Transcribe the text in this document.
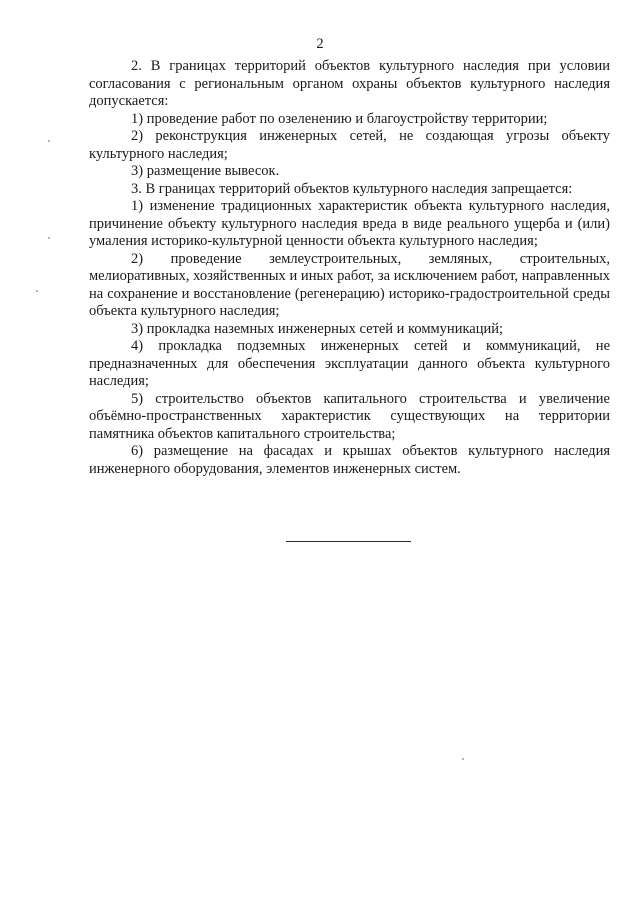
2

2. В границах территорий объектов культурного наследия при условии согласования с региональным органом охраны объектов культурного наследия допускается:

1) проведение работ по озеленению и благоустройству территории;

2) реконструкция инженерных сетей, не создающая угрозы объекту культурного наследия;

3) размещение вывесок.

3. В границах территорий объектов культурного наследия запрещается:

1) изменение традиционных характеристик объекта культурного наследия, причинение объекту культурного наследия вреда в виде реального ущерба и (или) умаления историко-культурной ценности объекта культурного наследия;

2) проведение землеустроительных, земляных, строительных, мелиоративных, хозяйственных и иных работ, за исключением работ, направленных на сохранение и восстановление (регенерацию) историко-градостроительной среды объекта культурного наследия;

3) прокладка наземных инженерных сетей и коммуникаций;

4) прокладка подземных инженерных сетей и коммуникаций, не предназначенных для обеспечения эксплуатации данного объекта культурного наследия;

5) строительство объектов капитального строительства и увеличение объёмно-пространственных характеристик существующих на территории памятника объектов капитального строительства;

6) размещение на фасадах и крышах объектов культурного наследия инженерного оборудования, элементов инженерных систем.
